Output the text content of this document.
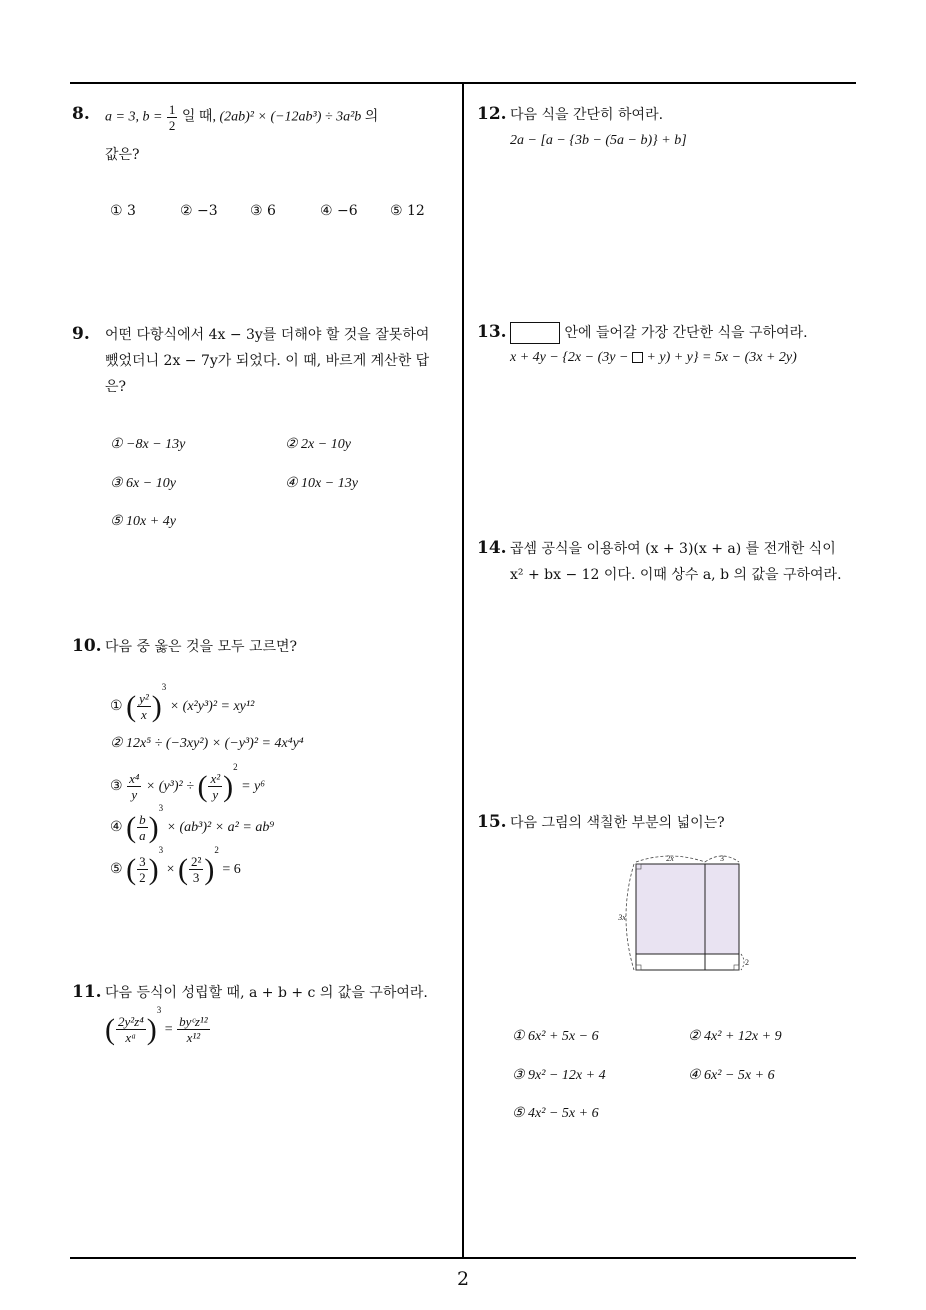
2
8. a = 3, $b = \frac{1}{2}$ 일 때, (2ab)² × (−12ab³) ÷ 3a²b 의
값은?
① 3	② −3 ③ 6	④ −6 ⑤ 12
9. 어떤 다항식에서 4x − 3y를 더해야 할 것을 잘못하여
뺐었더니 2x − 7y가 되었다. 이 때, 바르게 계산한 답
은?
① −8x − 13y	② 2x − 10y
③ 6x − 10y	④ 10x − 13y
⑤ 10x + 4y
10. 다음 중 옳은 것을 모두 고르면?
① ( $\frac{\text{y²}}{x} )^3 \times (x^2y^3)^2 = xy^{12}$
② 12x⁵ ÷ (−3xy²) × (−y³)² = 4x⁴y⁴
③ $\frac{\text{x⁴}}{y} \times (y^3)^2$ ÷ ( $\frac{\text{x²}}{y} )^2 = y^6$
④ ( $\frac{b}{a} )^3 \times (ab^3)^2 \times a^2 = ab^9$
⑤ ( $\frac{3}{2} )^3$ × ( $\frac{\text{2²}}{3} )^2 = 6$
11. 다음 등식이 성립할 때, a + b + c 의 값을 구하여라.
( $\frac{\text{2y²z⁴}}{\text{xᵃ}} )^3 = \frac{\text{byᶜz¹²}}{\text{x¹²}}$
12. 다음 식을 간단히 하여라.
2a − [a − {3b − (5a − b)} + b]
13.	안에 들어갈 가장 간단한 식을 구하여라.
x + 4y − {2x − (3y − + y) + y} = 5x − (3x + 2y)
14. 곱셈 공식을 이용하여 (x + 3)(x + a) 를 전개한 식이
x² + bx − 12 이다. 이때 상수 a, b 의 값을 구하여라.
15. 다음 그림의 색칠한 부분의 넓이는?
2x	3
3x
2
① 6x² + 5x − 6	② 4x² + 12x + 9
③ 9x² − 12x + 4	④ 6x² − 5x + 6
⑤ 4x² − 5x + 6
